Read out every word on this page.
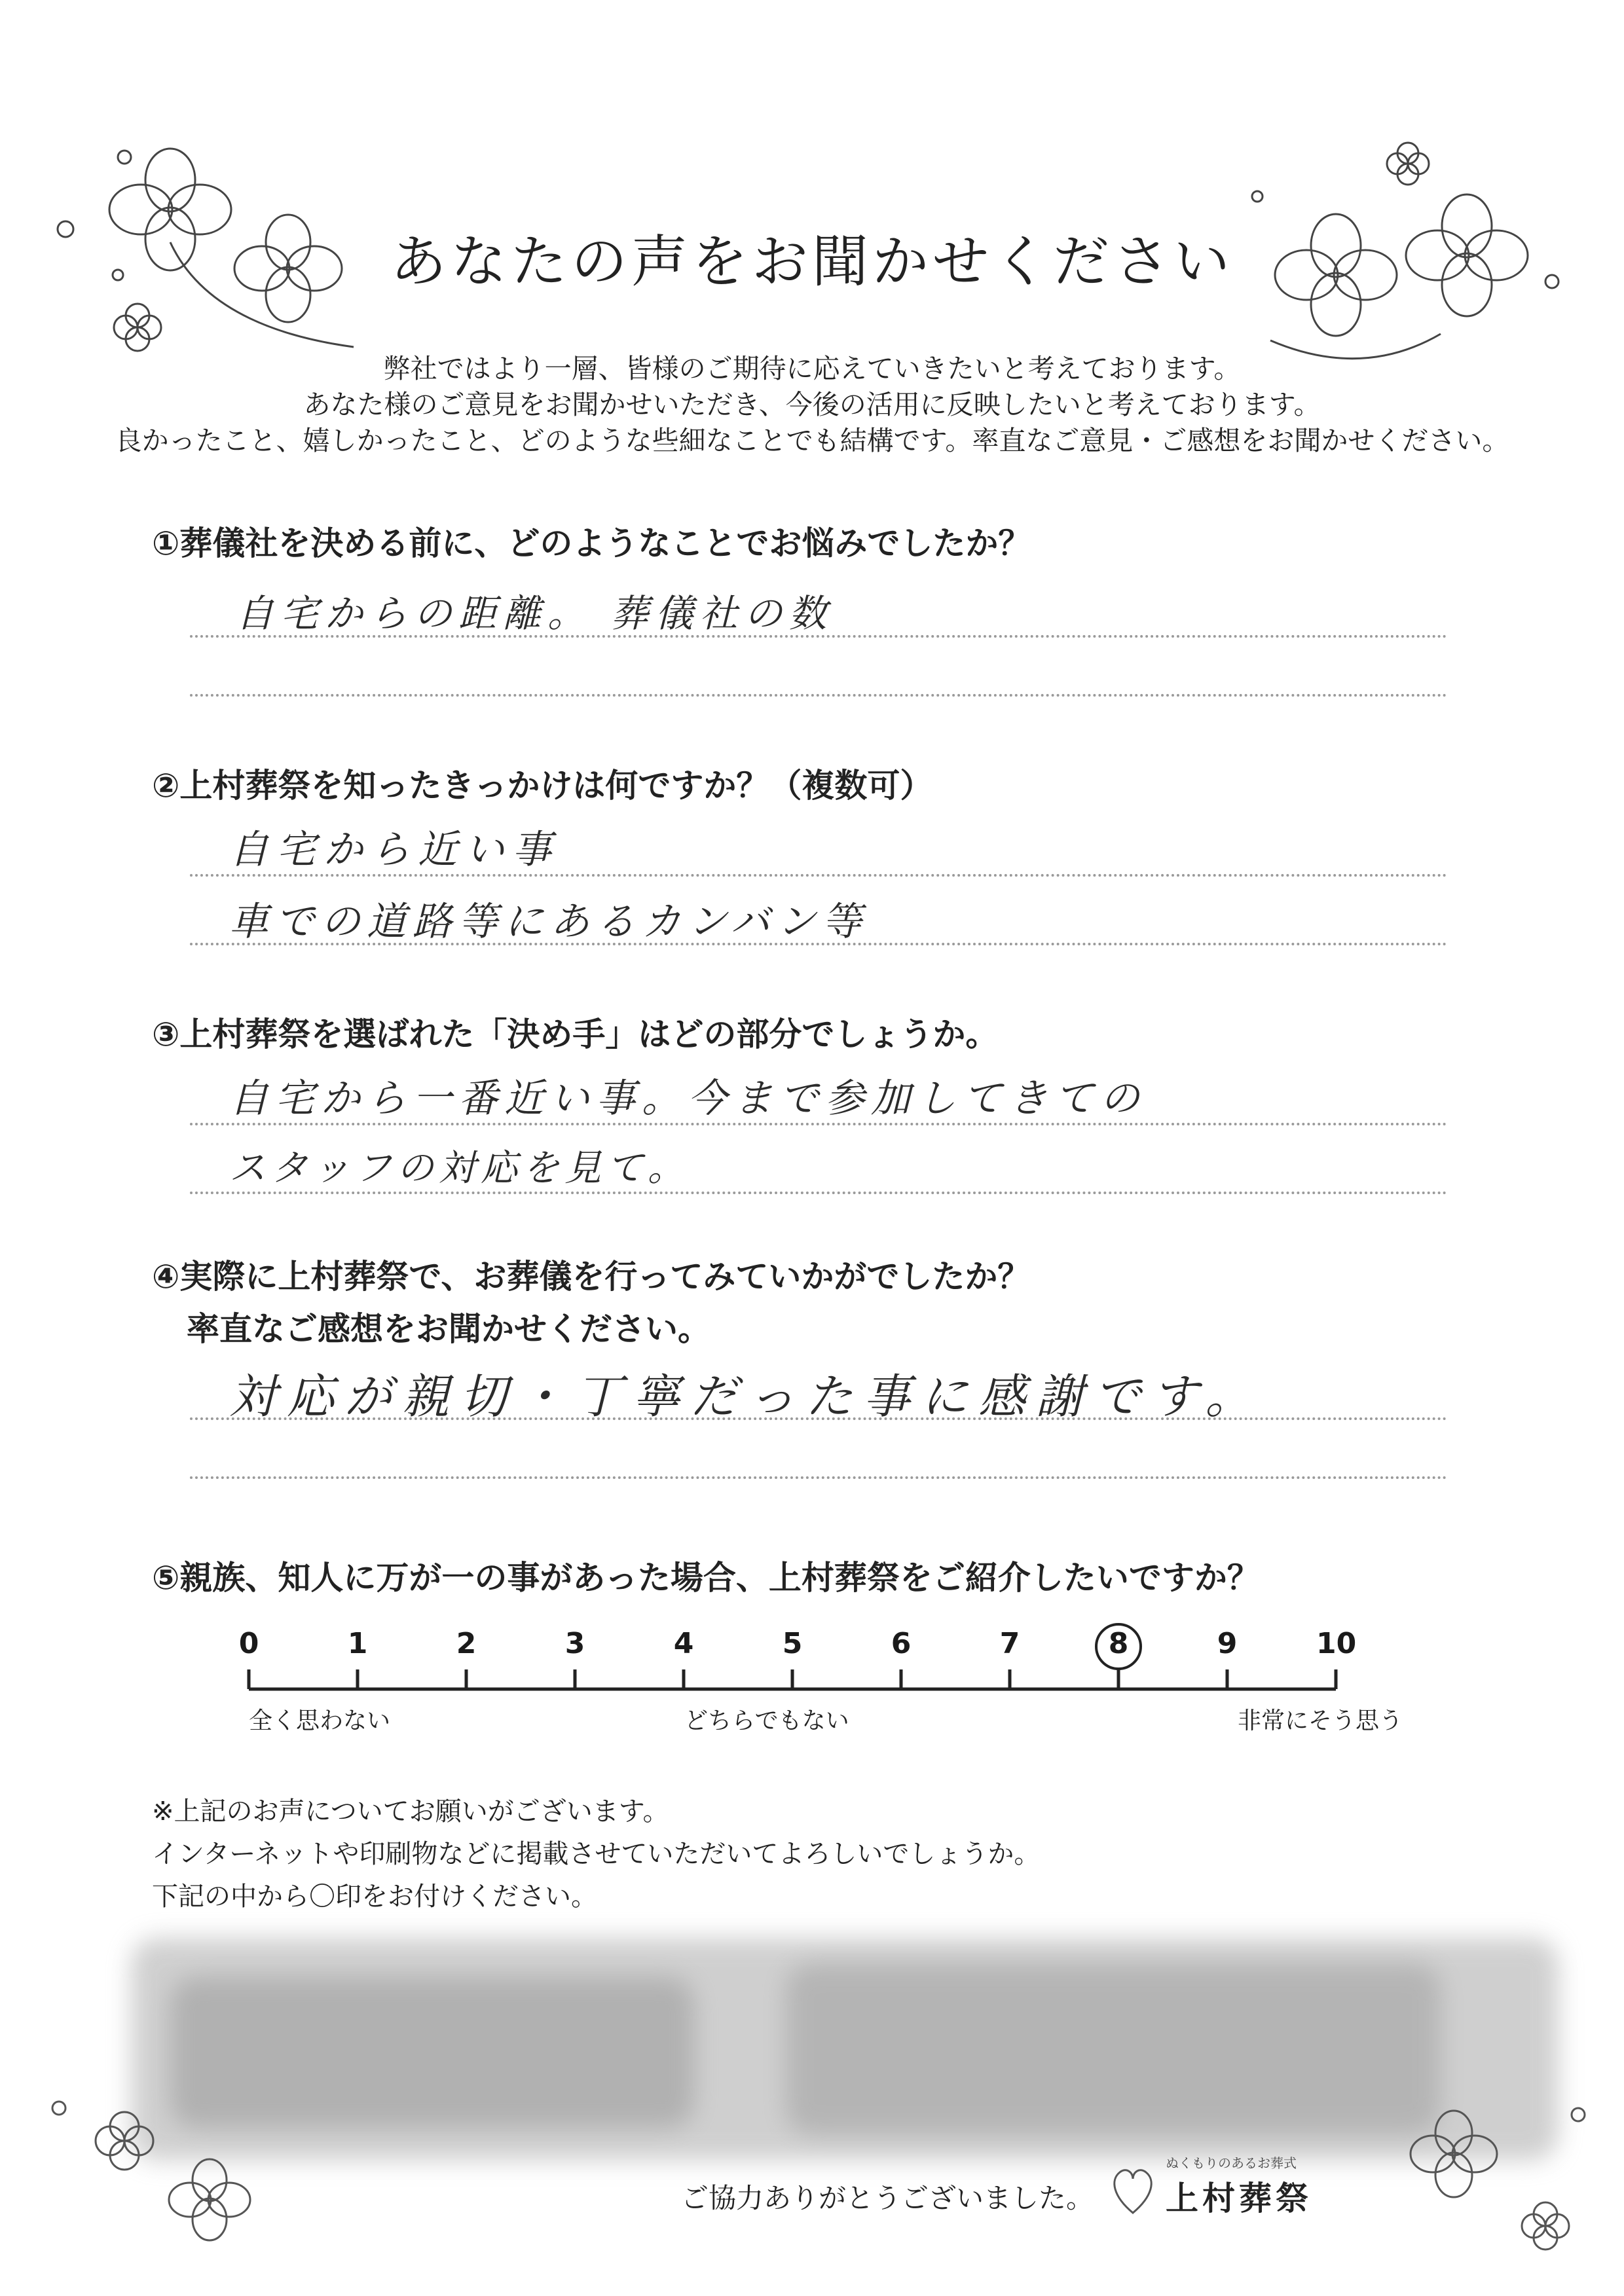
あなたの声をお聞かせください
弊社ではより一層、皆様のご期待に応えていきたいと考えております。
あなた様のご意見をお聞かせいただき、今後の活用に反映したいと考えております。
良かったこと、嬉しかったこと、どのような些細なことでも結構です。率直なご意見・ご感想をお聞かせください。
①葬儀社を決める前に、どのようなことでお悩みでしたか？
自宅からの距離。 葬儀社の数
②上村葬祭を知ったきっかけは何ですか？（複数可）
自宅から近い事
車での道路等にあるカンバン等
③上村葬祭を選ばれた「決め手」はどの部分でしょうか。
自宅から一番近い事。今まで参加してきての
スタッフの対応を見て。
④実際に上村葬祭で、お葬儀を行ってみていかがでしたか？
率直なご感想をお聞かせください。
対応が親切・丁寧だった事に感謝です。
⑤親族、知人に万が一の事があった場合、上村葬祭をご紹介したいですか？
0	1	2	3	4	5	6	7	8	9	10
全く思わない	どちらでもない	非常にそう思う
※上記のお声についてお願いがございます。
インターネットや印刷物などに掲載させていただいてよろしいでしょうか。
下記の中から〇印をお付けください。
ご協力ありがとうございました。
ぬくもりのあるお葬式
上村葬祭
